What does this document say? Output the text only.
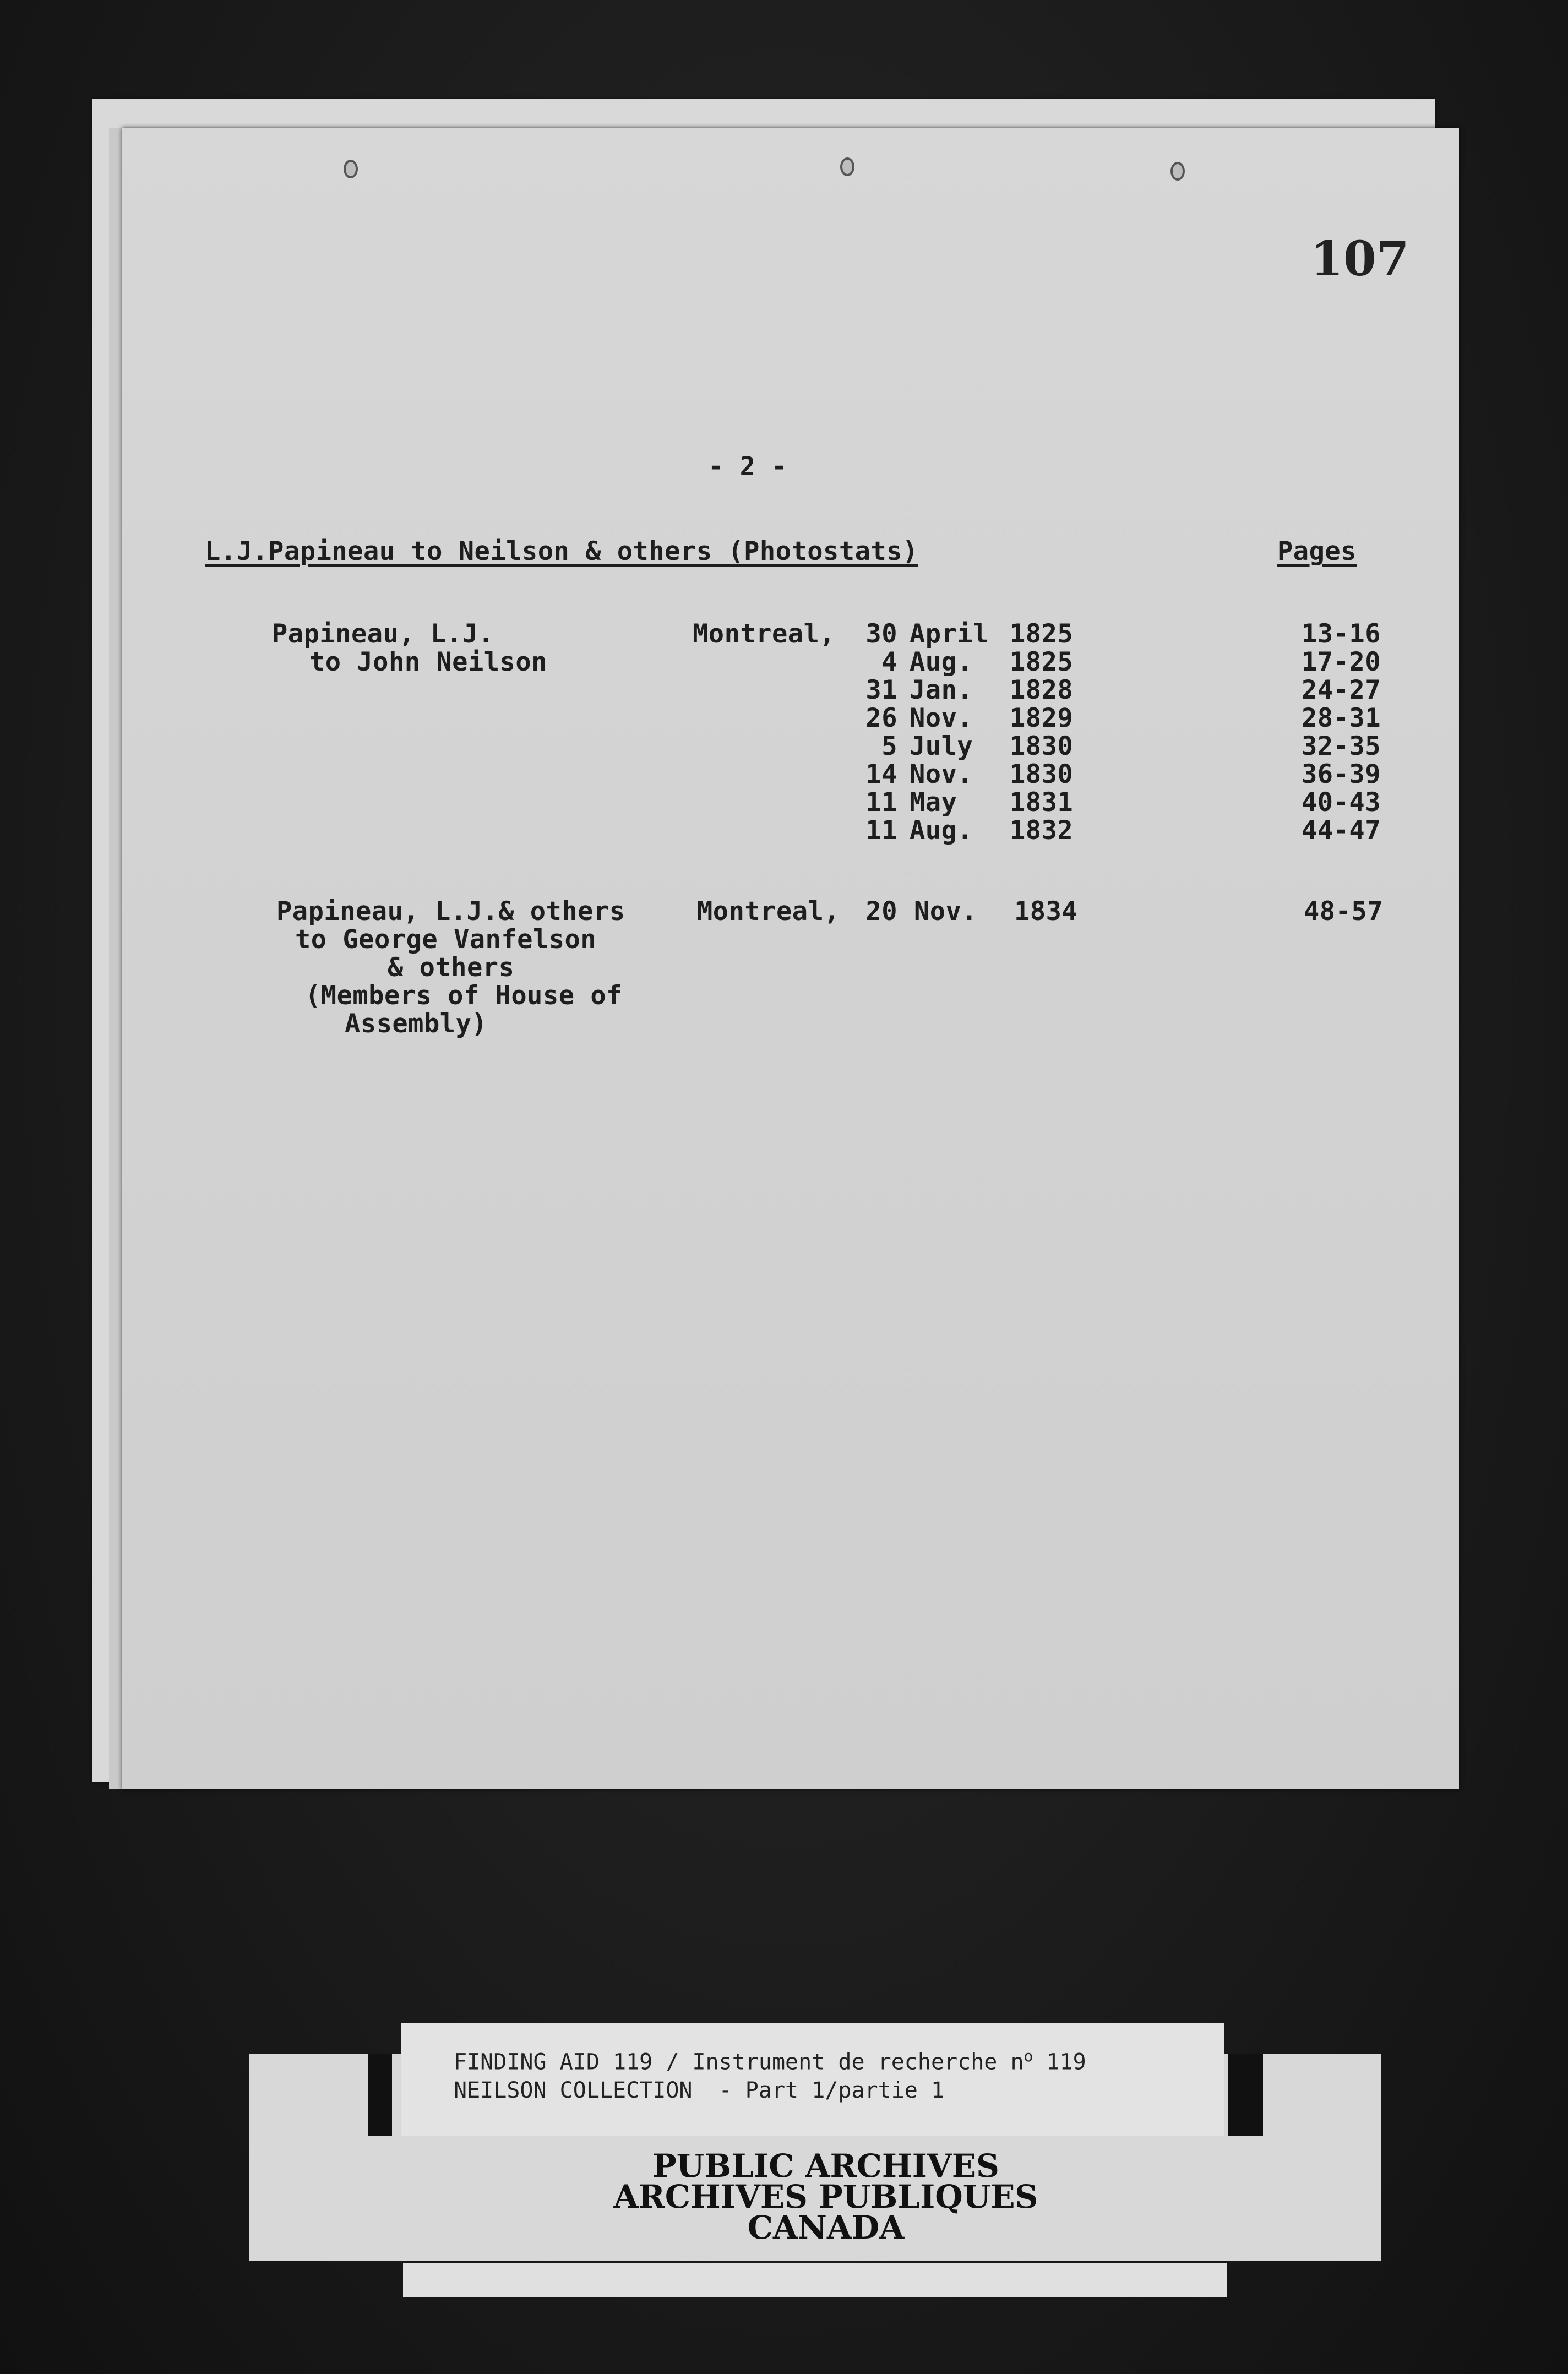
107
- 2 -
L.J.Papineau to Neilson & others (Photostats)	Pages
Papineau, L.J.
to John Neilson
Montreal,	30 April 1825	13-16
4 Aug. 1825	17-20
31 Jan. 1828	24-27
26 Nov. 1829	28-31
5 July 1830	32-35
14 Nov. 1830	36-39
11 May 1831	40-43
11 Aug. 1832	44-47
Papineau, L.J.& others
to George Vanfelson
& others
(Members of House of
Assembly)
Montreal,	20 Nov. 1834	48-57
FINDING AID 119 / Instrument de recherche $n^o$ 119
NEILSON COLLECTION  - Part 1/partie 1
PUBLIC ARCHIVES
ARCHIVES PUBLIQUES
CANADA
